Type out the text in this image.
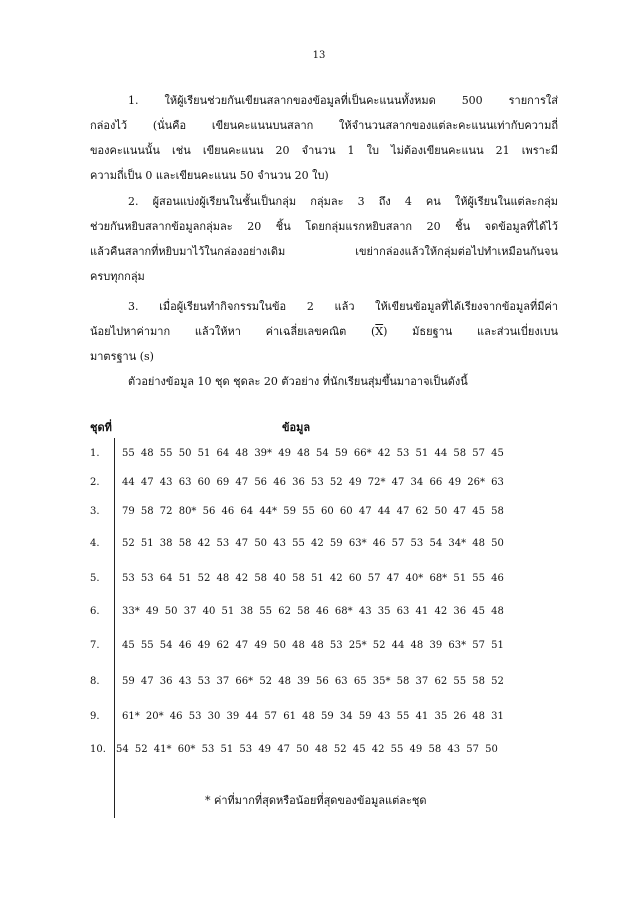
13

1. ให้ผู้เรียนช่วยกันเขียนสลากของข้อมูลที่เป็นคะแนนทั้งหมด 500 รายการใส่

กล่องไว้ (นั่นคือ เขียนคะแนนบนสลาก ให้จำนวนสลากของแต่ละคะแนนเท่ากับความถี่

ของคะแนนนั้น เช่น เขียนคะแนน 20 จำนวน 1 ใบ ไม่ต้องเขียนคะแนน 21 เพราะมี

ความถี่เป็น 0 และเขียนคะแนน 50 จำนวน 20 ใบ)

2. ผู้สอนแบ่งผู้เรียนในชั้นเป็นกลุ่ม กลุ่มละ 3 ถึง 4 คน ให้ผู้เรียนในแต่ละกลุ่ม

ช่วยกันหยิบสลากข้อมูลกลุ่มละ 20 ชิ้น โดยกลุ่มแรกหยิบสลาก 20 ชิ้น จดข้อมูลที่ได้ไว้

แล้วคืนสลากที่หยิบมาไว้ในกล่องอย่างเดิม เขย่ากล่องแล้วให้กลุ่มต่อไปทำเหมือนกันจน

ครบทุกกลุ่ม

3. เมื่อผู้เรียนทำกิจกรรมในข้อ 2 แล้ว ให้เขียนข้อมูลที่ได้เรียงจากข้อมูลที่มีค่า

น้อยไปหาค่ามาก แล้วให้หา ค่าเฉลี่ยเลขคณิต $(\overline{X})$ มัธยฐาน และส่วนเบี่ยงเบน

มาตรฐาน (s)

ตัวอย่างข้อมูล 10 ชุด ชุดละ 20 ตัวอย่าง ที่นักเรียนสุ่มขึ้นมาอาจเป็นดังนี้

ชุดที่	ข้อมูล
1.	55 48 55 50 51 64 48 39* 49 48 54 59 66* 42 53 51 44 58 57 45
2.	44 47 43 63 60 69 47 56 46 36 53 52 49 72* 47 34 66 49 26* 63
3.	79 58 72 80* 56 46 64 44* 59 55 60 60 47 44 47 62 50 47 45 58
4.	52 51 38 58 42 53 47 50 43 55 42 59 63* 46 57 53 54 34* 48 50
5.	53 53 64 51 52 48 42 58 40 58 51 42 60 57 47 40* 68* 51 55 46
6.	33* 49 50 37 40 51 38 55 62 58 46 68* 43 35 63 41 42 36 45 48
7.	45 55 54 46 49 62 47 49 50 48 48 53 25* 52 44 48 39 63* 57 51
8.	59 47 36 43 53 37 66* 52 48 39 56 63 65 35* 58 37 62 55 58 52
9.	61* 20* 46 53 30 39 44 57 61 48 59 34 59 43 55 41 35 26 48 31
10.	54 52 41* 60* 53 51 53 49 47 50 48 52 45 42 55 49 58 43 57 50
* ค่าที่มากที่สุดหรือน้อยที่สุดของข้อมูลแต่ละชุด
